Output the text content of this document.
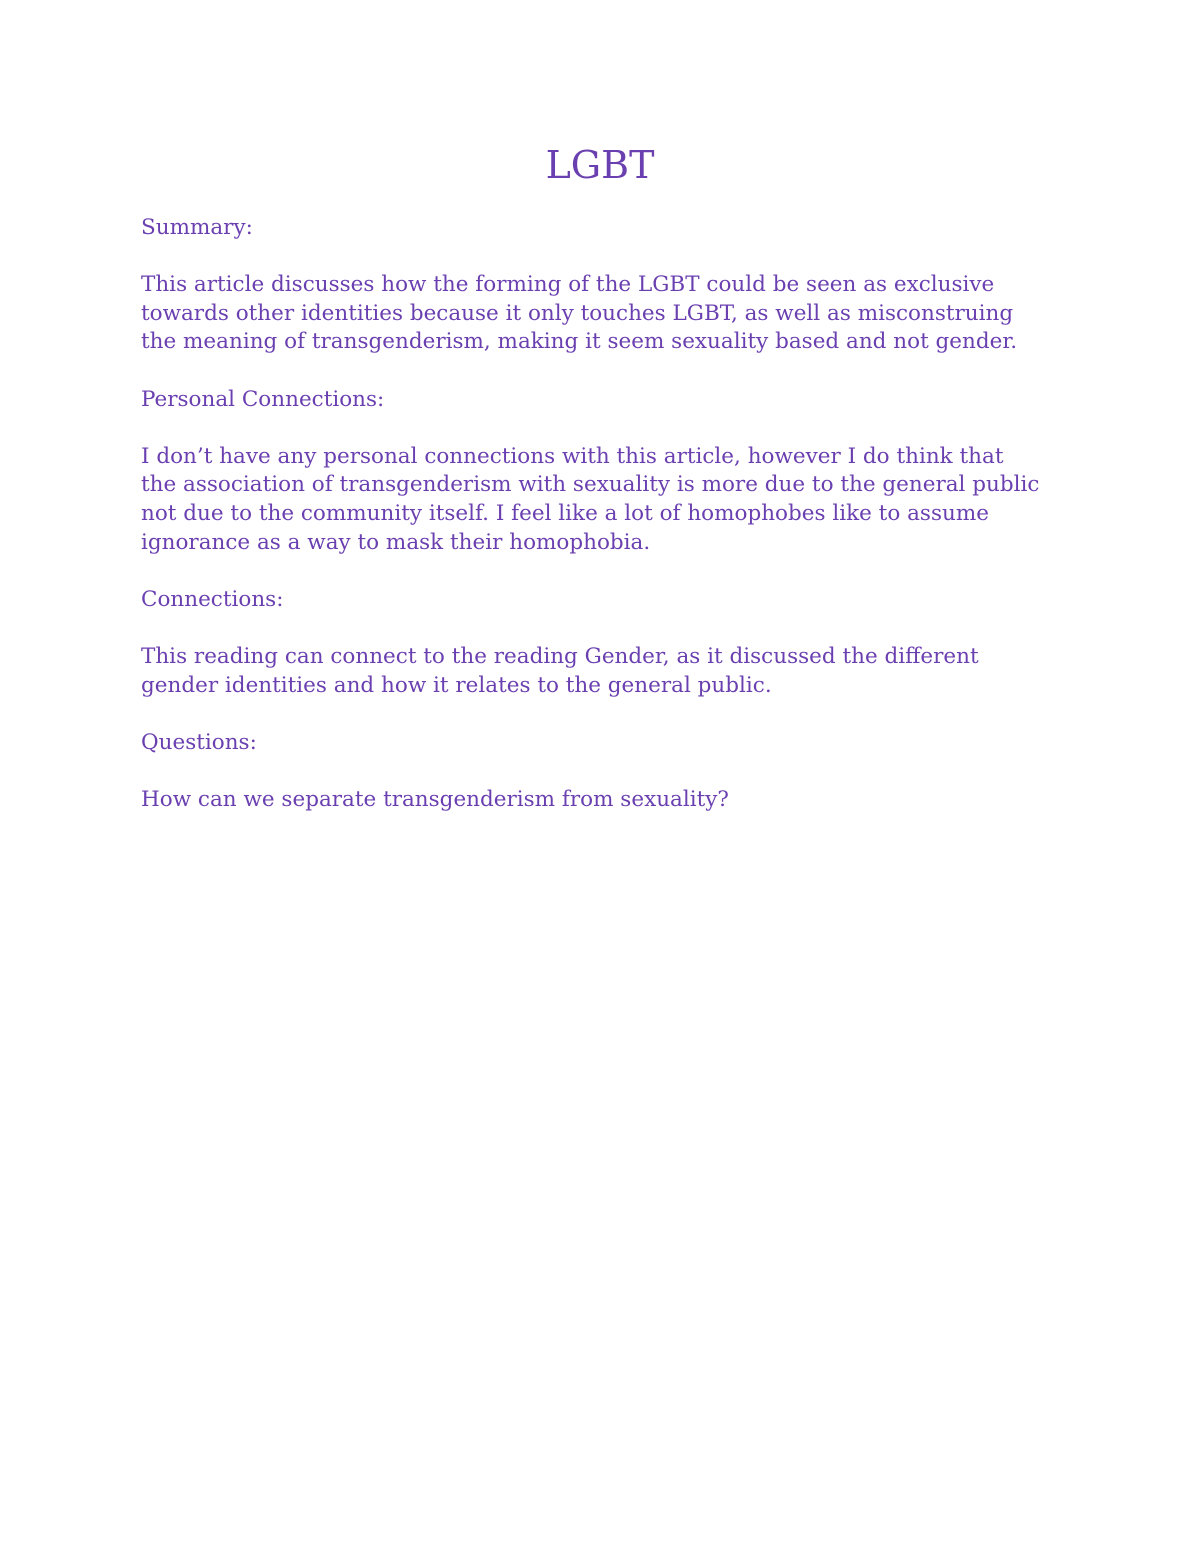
LGBT

Summary:

This article discusses how the forming of the LGBT could be seen as exclusive
towards other identities because it only touches LGBT, as well as misconstruing
the meaning of transgenderism, making it seem sexuality based and not gender.

Personal Connections:

I don’t have any personal connections with this article, however I do think that
the association of transgenderism with sexuality is more due to the general public
not due to the community itself. I feel like a lot of homophobes like to assume
ignorance as a way to mask their homophobia.

Connections:

This reading can connect to the reading Gender, as it discussed the different
gender identities and how it relates to the general public.

Questions:

How can we separate transgenderism from sexuality?
